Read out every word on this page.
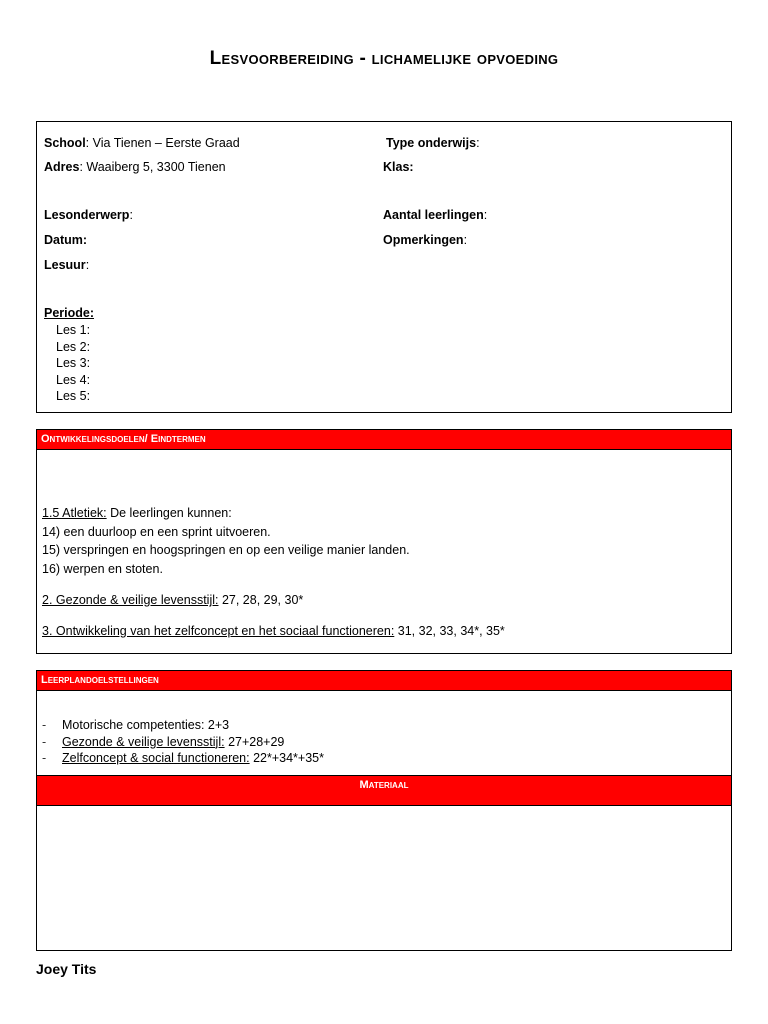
Lesvoorbereiding - lichamelijke opvoeding
School: Via Tienen – Eerste Graad	Type onderwijs:
Adres: Waaiberg 5, 3300 Tienen	Klas:
Lesonderwerp:	Aantal leerlingen:
Datum:	Opmerkingen:
Lesuur:
Periode:
Les 1:
Les 2:
Les 3:
Les 4:
Les 5:
Ontwikkelingsdoelen/ Eindtermen
1.5 Atletiek: De leerlingen kunnen:
14) een duurloop en een sprint uitvoeren.
15) verspringen en hoogspringen en op een veilige manier landen.
16) werpen en stoten.
2. Gezonde & veilige levensstijl: 27, 28, 29, 30*
3. Ontwikkeling van het zelfconcept en het sociaal functioneren: 31, 32, 33, 34*, 35*
Leerplandoelstellingen
- Motorische competenties: 2+3
- Gezonde & veilige levensstijl: 27+28+29
- Zelfconcept & social functioneren: 22*+34*+35*
Materiaal
Joey Tits
